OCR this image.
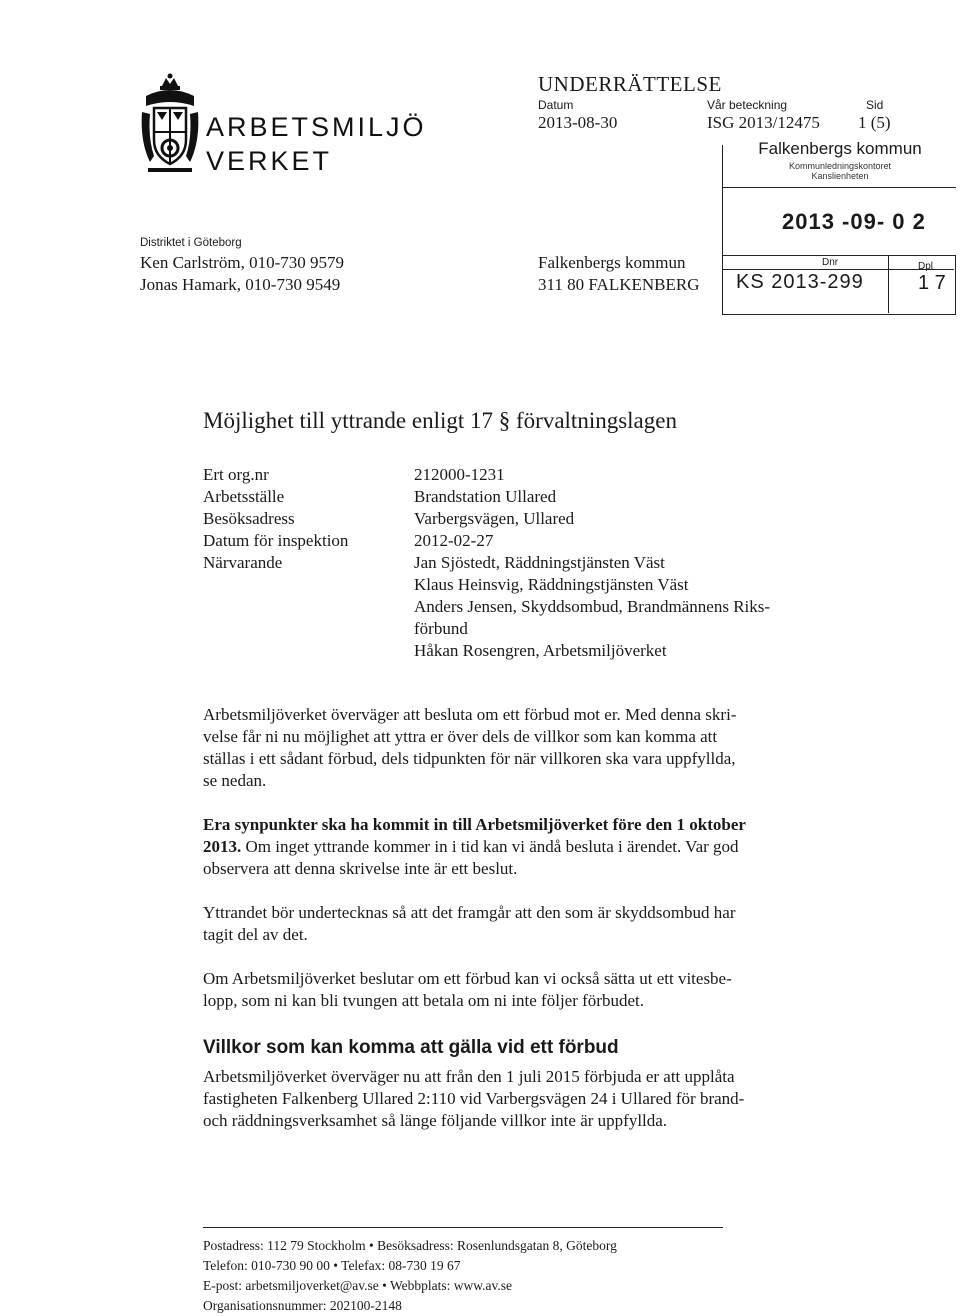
ARBETSMILJÖ
VERKET
UNDERRÄTTELSE
Datum	Vår beteckning	Sid
2013-08-30	ISG 2013/12475 1 (5)
Falkenbergs kommun
Kommunledningskontoret
Kanslienheten
2013 -09- 0 2
Dnr	Dpl
KS 2013-299	1 7
Distriktet i Göteborg
Ken Carlström, 010-730 9579
Jonas Hamark, 010-730 9549
Falkenbergs kommun
311 80 FALKENBERG
Möjlighet till yttrande enligt 17 § förvaltningslagen
Ert org.nr	212000-1231
Arbetsställe	Brandstation Ullared
Besöksadress	Varbergsvägen, Ullared
Datum för inspektion	2012-02-27
Närvarande	Jan Sjöstedt, Räddningstjänsten Väst
Klaus Heinsvig, Räddningstjänsten Väst
Anders Jensen, Skyddsombud, Brandmännens Riks-
förbund
Håkan Rosengren, Arbetsmiljöverket
Arbetsmiljöverket överväger att besluta om ett förbud mot er. Med denna skri-
velse får ni nu möjlighet att yttra er över dels de villkor som kan komma att
ställas i ett sådant förbud, dels tidpunkten för när villkoren ska vara uppfyllda,
se nedan.
Era synpunkter ska ha kommit in till Arbetsmiljöverket före den 1 oktober
2013. Om inget yttrande kommer in i tid kan vi ändå besluta i ärendet. Var god
observera att denna skrivelse inte är ett beslut.
Yttrandet bör undertecknas så att det framgår att den som är skyddsombud har
tagit del av det.
Om Arbetsmiljöverket beslutar om ett förbud kan vi också sätta ut ett vitesbe-
lopp, som ni kan bli tvungen att betala om ni inte följer förbudet.
Villkor som kan komma att gälla vid ett förbud
Arbetsmiljöverket överväger nu att från den 1 juli 2015 förbjuda er att upplåta
fastigheten Falkenberg Ullared 2:110 vid Varbergsvägen 24 i Ullared för brand-
och räddningsverksamhet så länge följande villkor inte är uppfyllda.
Postadress: 112 79 Stockholm • Besöksadress: Rosenlundsgatan 8, Göteborg
Telefon: 010-730 90 00 • Telefax: 08-730 19 67
E-post: arbetsmiljoverket@av.se • Webbplats: www.av.se
Organisationsnummer: 202100-2148
